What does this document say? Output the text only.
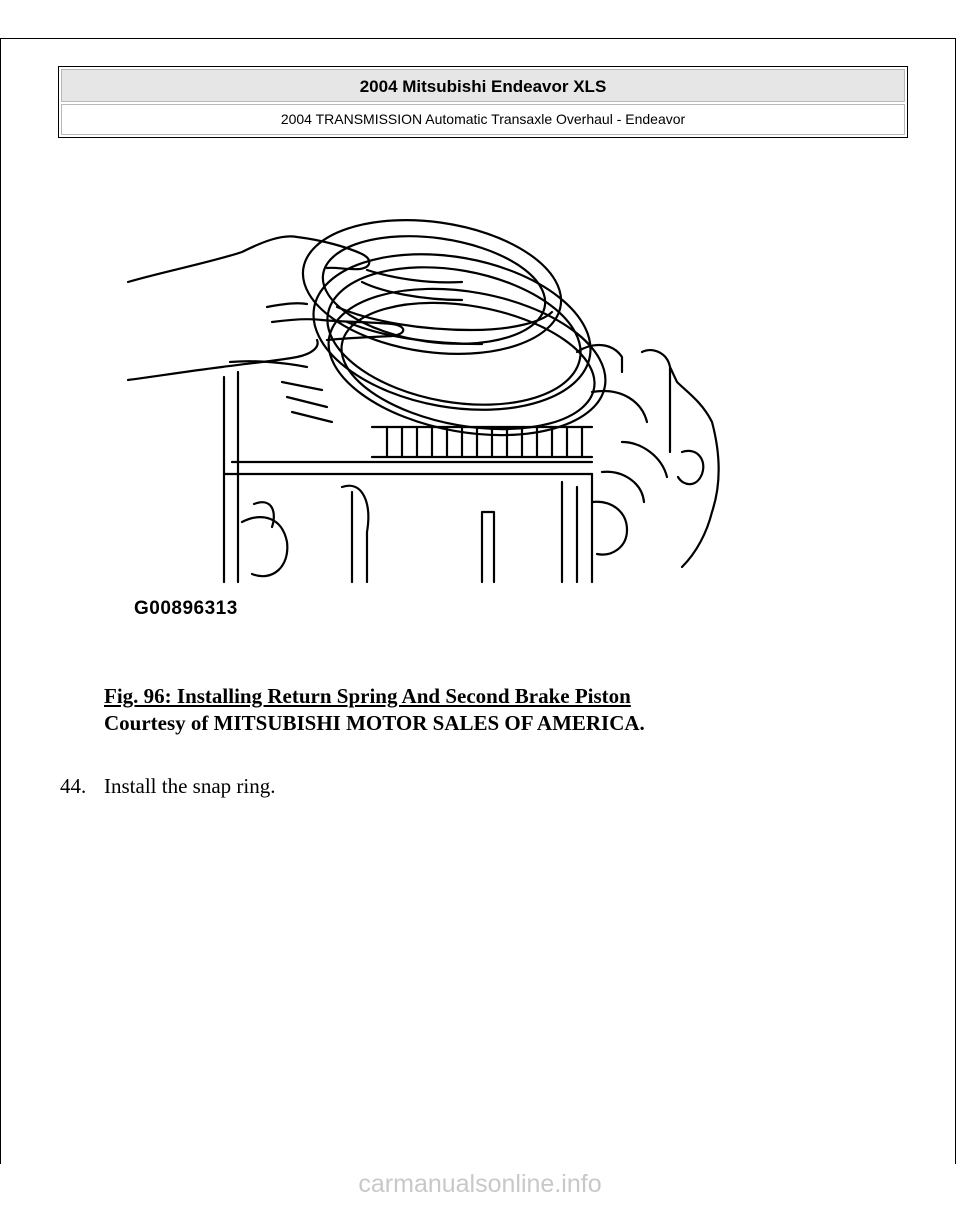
2004 Mitsubishi Endeavor XLS
2004 TRANSMISSION Automatic Transaxle Overhaul - Endeavor
G00896313
Fig. 96: Installing Return Spring And Second Brake Piston
Courtesy of MITSUBISHI MOTOR SALES OF AMERICA.
44. Install the snap ring.
carmanualsonline.info
